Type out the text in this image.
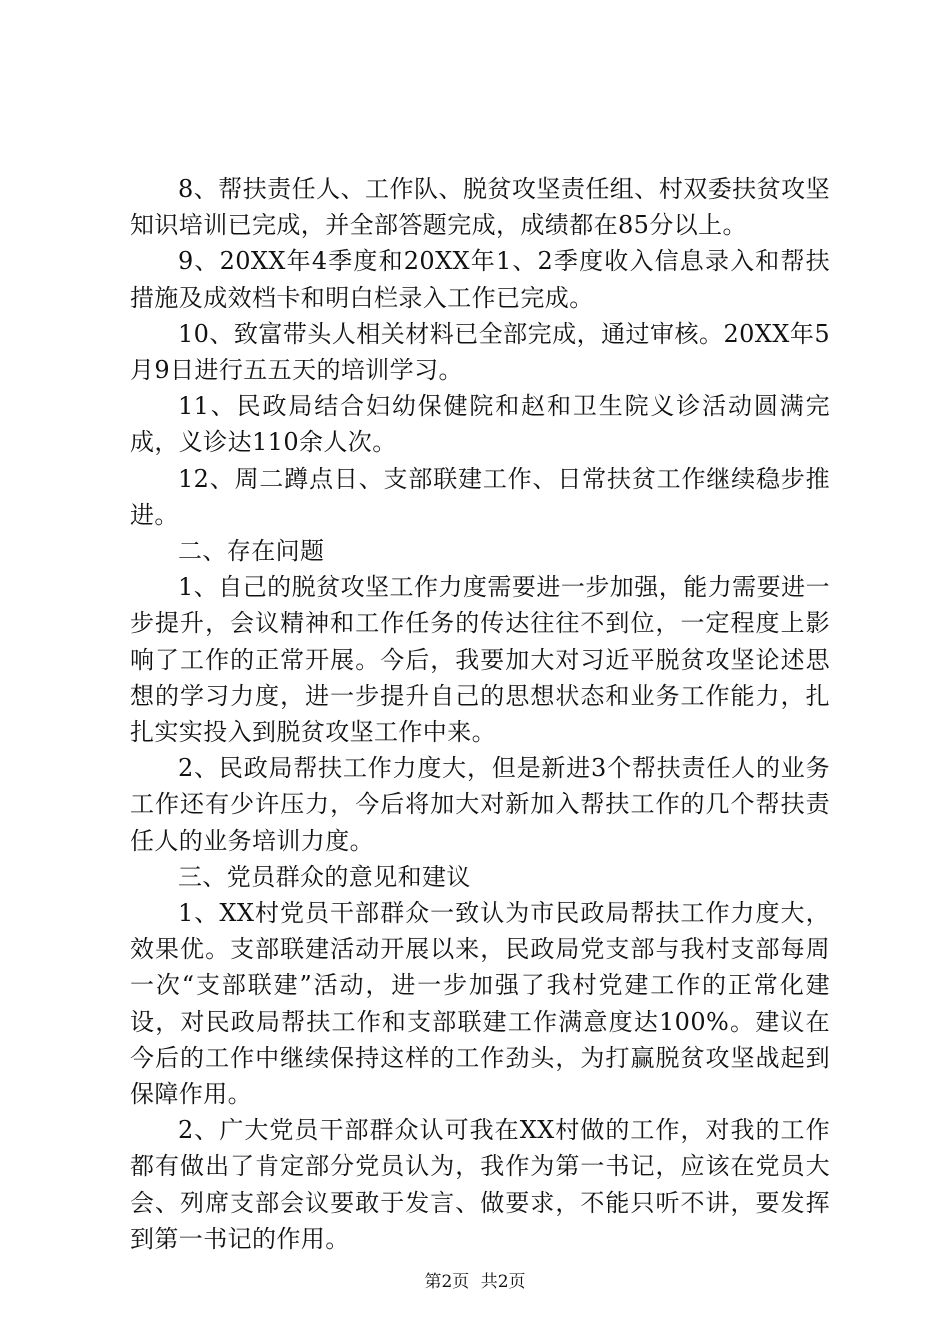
8、帮扶责任人、工作队、脱贫攻坚责任组、村双委扶贫攻坚知识培训已完成，并全部答题完成，成绩都在85分以上。

9、20XX年4季度和20XX年1、2季度收入信息录入和帮扶措施及成效档卡和明白栏录入工作已完成。

10、致富带头人相关材料已全部完成，通过审核。20XX年5月9日进行五五天的培训学习。

11、民政局结合妇幼保健院和赵和卫生院义诊活动圆满完成，义诊达110余人次。

12、周二蹲点日、支部联建工作、日常扶贫工作继续稳步推进。

二、存在问题

1、自己的脱贫攻坚工作力度需要进一步加强，能力需要进一步提升，会议精神和工作任务的传达往往不到位，一定程度上影响了工作的正常开展。今后，我要加大对习近平脱贫攻坚论述思想的学习力度，进一步提升自己的思想状态和业务工作能力，扎扎实实投入到脱贫攻坚工作中来。

2、民政局帮扶工作力度大，但是新进3个帮扶责任人的业务工作还有少许压力，今后将加大对新加入帮扶工作的几个帮扶责任人的业务培训力度。

三、党员群众的意见和建议

1、XX村党员干部群众一致认为市民政局帮扶工作力度大，效果优。支部联建活动开展以来，民政局党支部与我村支部每周一次“支部联建”活动，进一步加强了我村党建工作的正常化建设，对民政局帮扶工作和支部联建工作满意度达100%。建议在今后的工作中继续保持这样的工作劲头，为打赢脱贫攻坚战起到保障作用。

2、广大党员干部群众认可我在XX村做的工作，对我的工作都有做出了肯定部分党员认为，我作为第一书记，应该在党员大会、列席支部会议要敢于发言、做要求，不能只听不讲，要发挥到第一书记的作用。

第2页 共2页
